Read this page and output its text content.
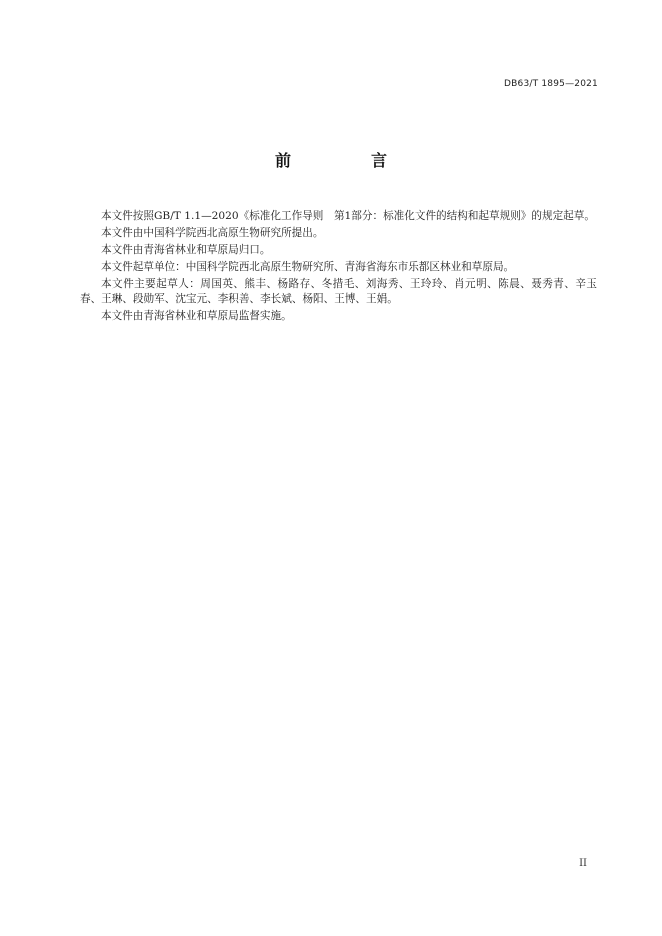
DB63/T 1895—2021
前　言

本文件按照GB/T 1.1—2020《标准化工作导则　第1部分：标准化文件的结构和起草规则》的规定起草。

本文件由中国科学院西北高原生物研究所提出。

本文件由青海省林业和草原局归口。

本文件起草单位：中国科学院西北高原生物研究所、青海省海东市乐都区林业和草原局。

本文件主要起草人：周国英、熊丰、杨路存、冬措毛、刘海秀、王玲玲、肖元明、陈晨、聂秀青、辛玉春、王琳、段勋军、沈宝元、李积善、李长斌、杨阳、王博、王娟。

本文件由青海省林业和草原局监督实施。

II
